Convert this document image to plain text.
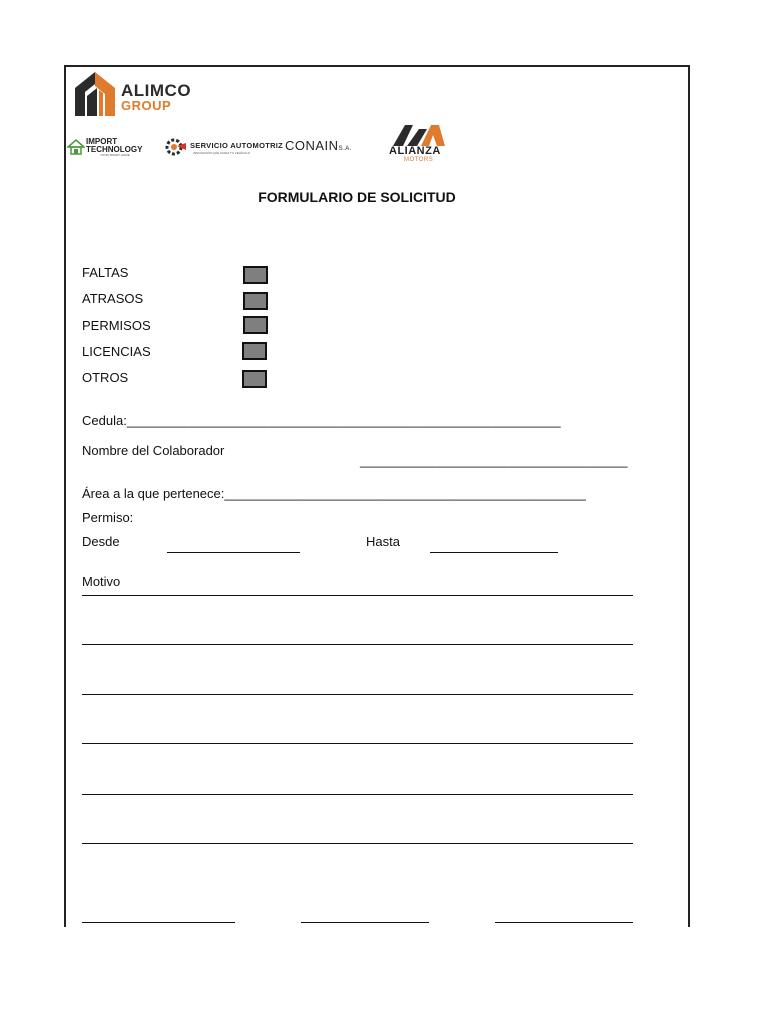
ALIMCO
GROUP
IMPORT
TECHNOLOGY
YOUR SMART HOME
SERVICIO AUTOMOTRIZ
INNOVACIÓN QUE CUIDA TU VEHÍCULO	CONAINS.A.	ALIANZA
MOTORS
FORMULARIO DE SOLICITUD
FALTAS
ATRASOS
PERMISOS
LICENCIAS
OTROS
Cedula:____________________________________________________________
Nombre del Colaborador
_____________________________________
Área a la que pertenece:__________________________________________________
Permiso:
Desde	Hasta
Motivo
